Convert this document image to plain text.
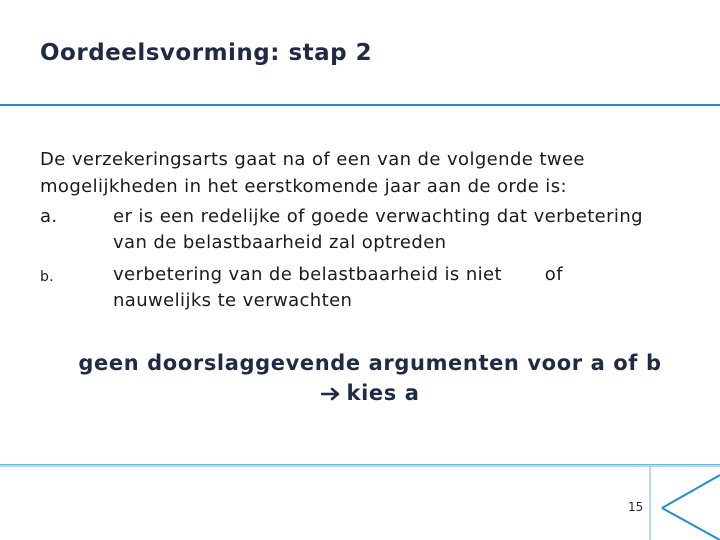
Oordeelsvorming: stap 2
De verzekeringsarts gaat na of een van de volgende twee mogelijkheden in het eerstkomende jaar aan de orde is:
a.	er is een redelijke of goede verwachting dat verbetering van de belastbaarheid zal optreden
b.	verbetering van de belastbaarheid is niet       of nauwelijks te verwachten
geen doorslaggevende argumenten voor a of b
kies a
15
